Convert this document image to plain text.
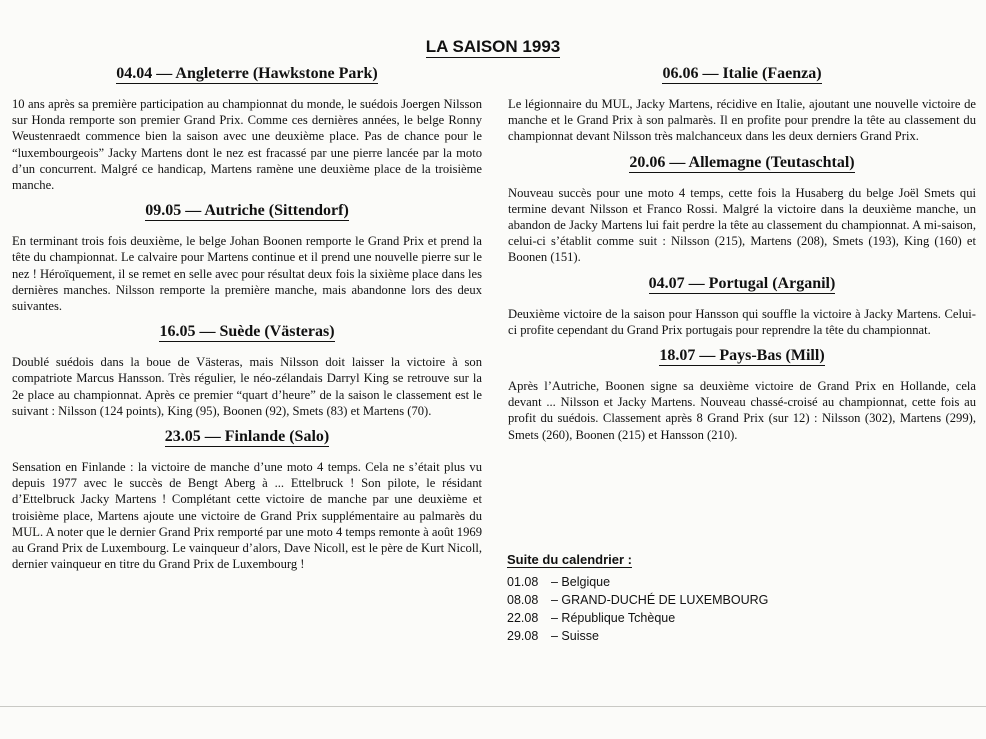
LA SAISON 1993
04.04 — Angleterre (Hawkstone Park)

10 ans après sa première participation au championnat du monde, le suédois Joergen Nilsson sur Honda remporte son premier Grand Prix. Comme ces dernières années, le belge Ronny Weustenraedt commence bien la saison avec une deuxième place. Pas de chance pour le “luxembourgeois” Jacky Martens dont le nez est fracassé par une pierre lancée par la moto d’un concurrent. Malgré ce handicap, Martens ramène une deuxième place de la troisième manche.

09.05 — Autriche (Sittendorf)

En terminant trois fois deuxième, le belge Johan Boonen remporte le Grand Prix et prend la tête du championnat. Le calvaire pour Martens continue et il prend une nouvelle pierre sur le nez ! Héroïquement, il se remet en selle avec pour résultat deux fois la sixième place dans les dernières manches. Nilsson remporte la première manche, mais abandonne lors des deux suivantes.

16.05 — Suède (Västeras)

Doublé suédois dans la boue de Västeras, mais Nilsson doit laisser la victoire à son compatriote Marcus Hansson. Très régulier, le néo-zélandais Darryl King se retrouve sur la 2e place au championnat. Après ce premier “quart d’heure” de la saison le classement est le suivant : Nilsson (124 points), King (95), Boonen (92), Smets (83) et Martens (70).

23.05 — Finlande (Salo)

Sensation en Finlande : la victoire de manche d’une moto 4 temps. Cela ne s’était plus vu depuis 1977 avec le succès de Bengt Aberg à ... Ettelbruck ! Son pilote, le résidant d’Ettelbruck Jacky Martens ! Complétant cette victoire de manche par une deuxième et troisième place, Martens ajoute une victoire de Grand Prix supplémentaire au palmarès du MUL. A noter que le dernier Grand Prix remporté par une moto 4 temps remonte à août 1969 au Grand Prix de Luxembourg. Le vainqueur d’alors, Dave Nicoll, est le père de Kurt Nicoll, dernier vainqueur en titre du Grand Prix de Luxembourg !

06.06 — Italie (Faenza)

Le légionnaire du MUL, Jacky Martens, récidive en Italie, ajoutant une nouvelle victoire de manche et le Grand Prix à son palmarès. Il en profite pour prendre la tête au classement du championnat devant Nilsson très malchanceux dans les deux derniers Grand Prix.

20.06 — Allemagne (Teutaschtal)

Nouveau succès pour une moto 4 temps, cette fois la Husaberg du belge Joël Smets qui termine devant Nilsson et Franco Rossi. Malgré la victoire dans la deuxième manche, un abandon de Jacky Martens lui fait perdre la tête au classement du championnat. A mi-saison, celui-ci s’établit comme suit : Nilsson (215), Martens (208), Smets (193), King (160) et Boonen (151).

04.07 — Portugal (Arganil)

Deuxième victoire de la saison pour Hansson qui souffle la victoire à Jacky Martens. Celui-ci profite cependant du Grand Prix portugais pour reprendre la tête du championnat.

18.07 — Pays-Bas (Mill)

Après l’Autriche, Boonen signe sa deuxième victoire de Grand Prix en Hollande, cela devant ... Nilsson et Jacky Martens. Nouveau chassé-croisé au championnat, cette fois au profit du suédois. Classement après 8 Grand Prix (sur 12) : Nilsson (302), Martens (299), Smets (260), Boonen (215) et Hansson (210).

Suite du calendrier :
01.08 – Belgique
08.08 – GRAND-DUCHÉ DE LUXEMBOURG
22.08 – République Tchèque
29.08 – Suisse
